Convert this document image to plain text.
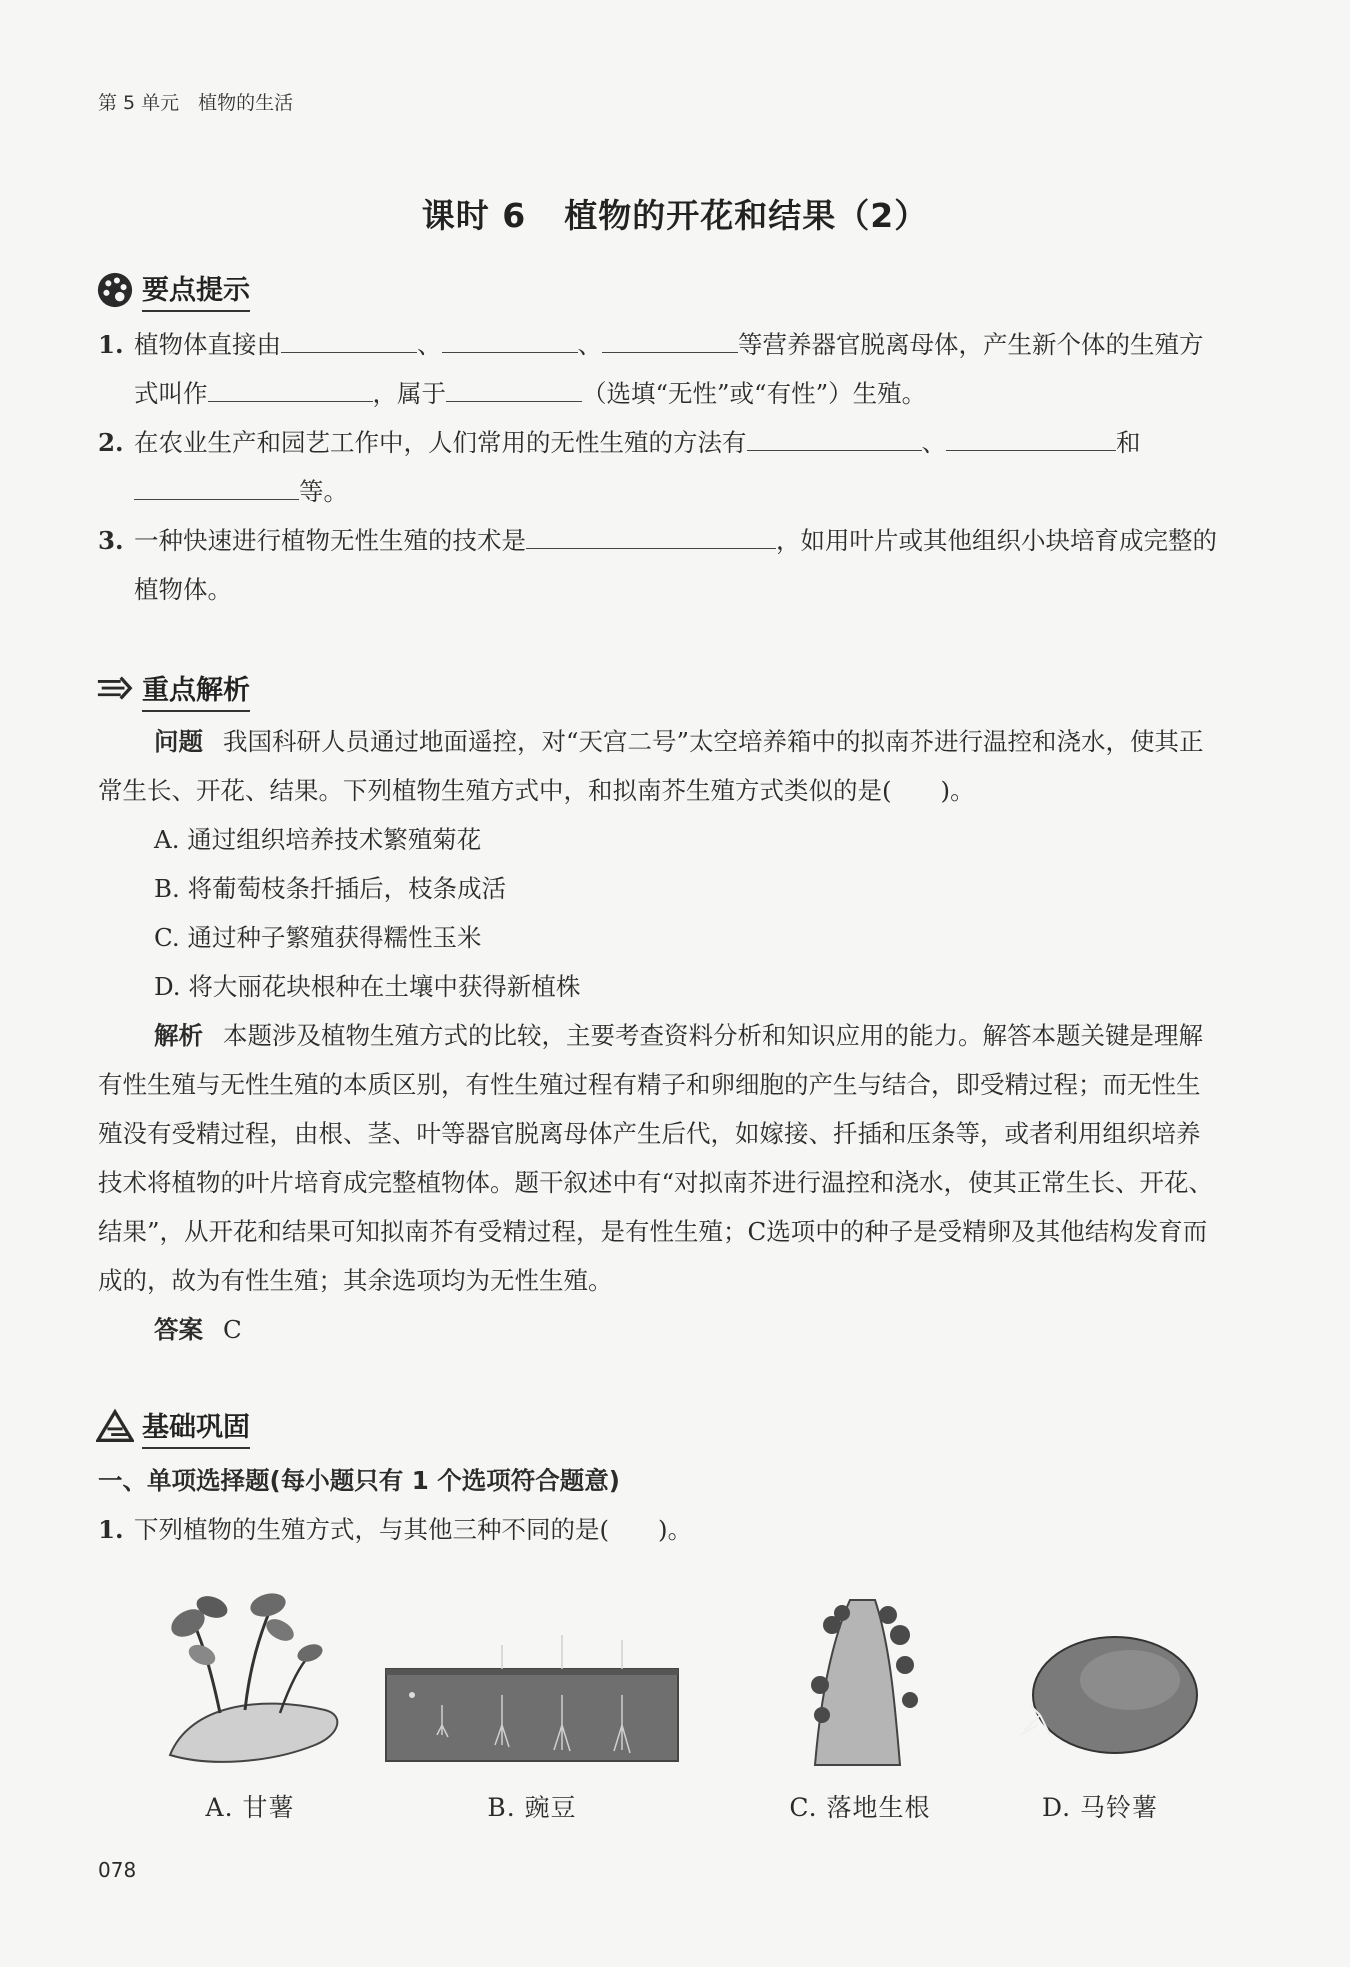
第 5 单元　植物的生活
课时 6 植物的开花和结果（2）
要点提示
1. 植物体直接由	、	、	等营养器官脱离母体，产生新个体的生殖方式叫作	，属于	（选填“无性”或“有性”）生殖。
2. 在农业生产和园艺工作中，人们常用的无性生殖的方法有	、	和等。
3. 一种快速进行植物无性生殖的技术是	，如用叶片或其他组织小块培育成完整的植物体。
重点解析
问题 我国科研人员通过地面遥控，对“天宫二号”太空培养箱中的拟南芥进行温控和浇水，使其正常生长、开花、结果。下列植物生殖方式中，和拟南芥生殖方式类似的是(　　)。
A. 通过组织培养技术繁殖菊花
B. 将葡萄枝条扦插后，枝条成活
C. 通过种子繁殖获得糯性玉米
D. 将大丽花块根种在土壤中获得新植株
解析 本题涉及植物生殖方式的比较，主要考查资料分析和知识应用的能力。解答本题关键是理解有性生殖与无性生殖的本质区别，有性生殖过程有精子和卵细胞的产生与结合，即受精过程；而无性生殖没有受精过程，由根、茎、叶等器官脱离母体产生后代，如嫁接、扦插和压条等，或者利用组织培养技术将植物的叶片培育成完整植物体。题干叙述中有“对拟南芥进行温控和浇水，使其正常生长、开花、结果”，从开花和结果可知拟南芥有受精过程，是有性生殖；C选项中的种子是受精卵及其他结构发育而成的，故为有性生殖；其余选项均为无性生殖。
答案 C
基础巩固
一、单项选择题(每小题只有 1 个选项符合题意)
1. 下列植物的生殖方式，与其他三种不同的是(　　)。
A. 甘薯	B. 豌豆	C. 落地生根	D. 马铃薯
078
